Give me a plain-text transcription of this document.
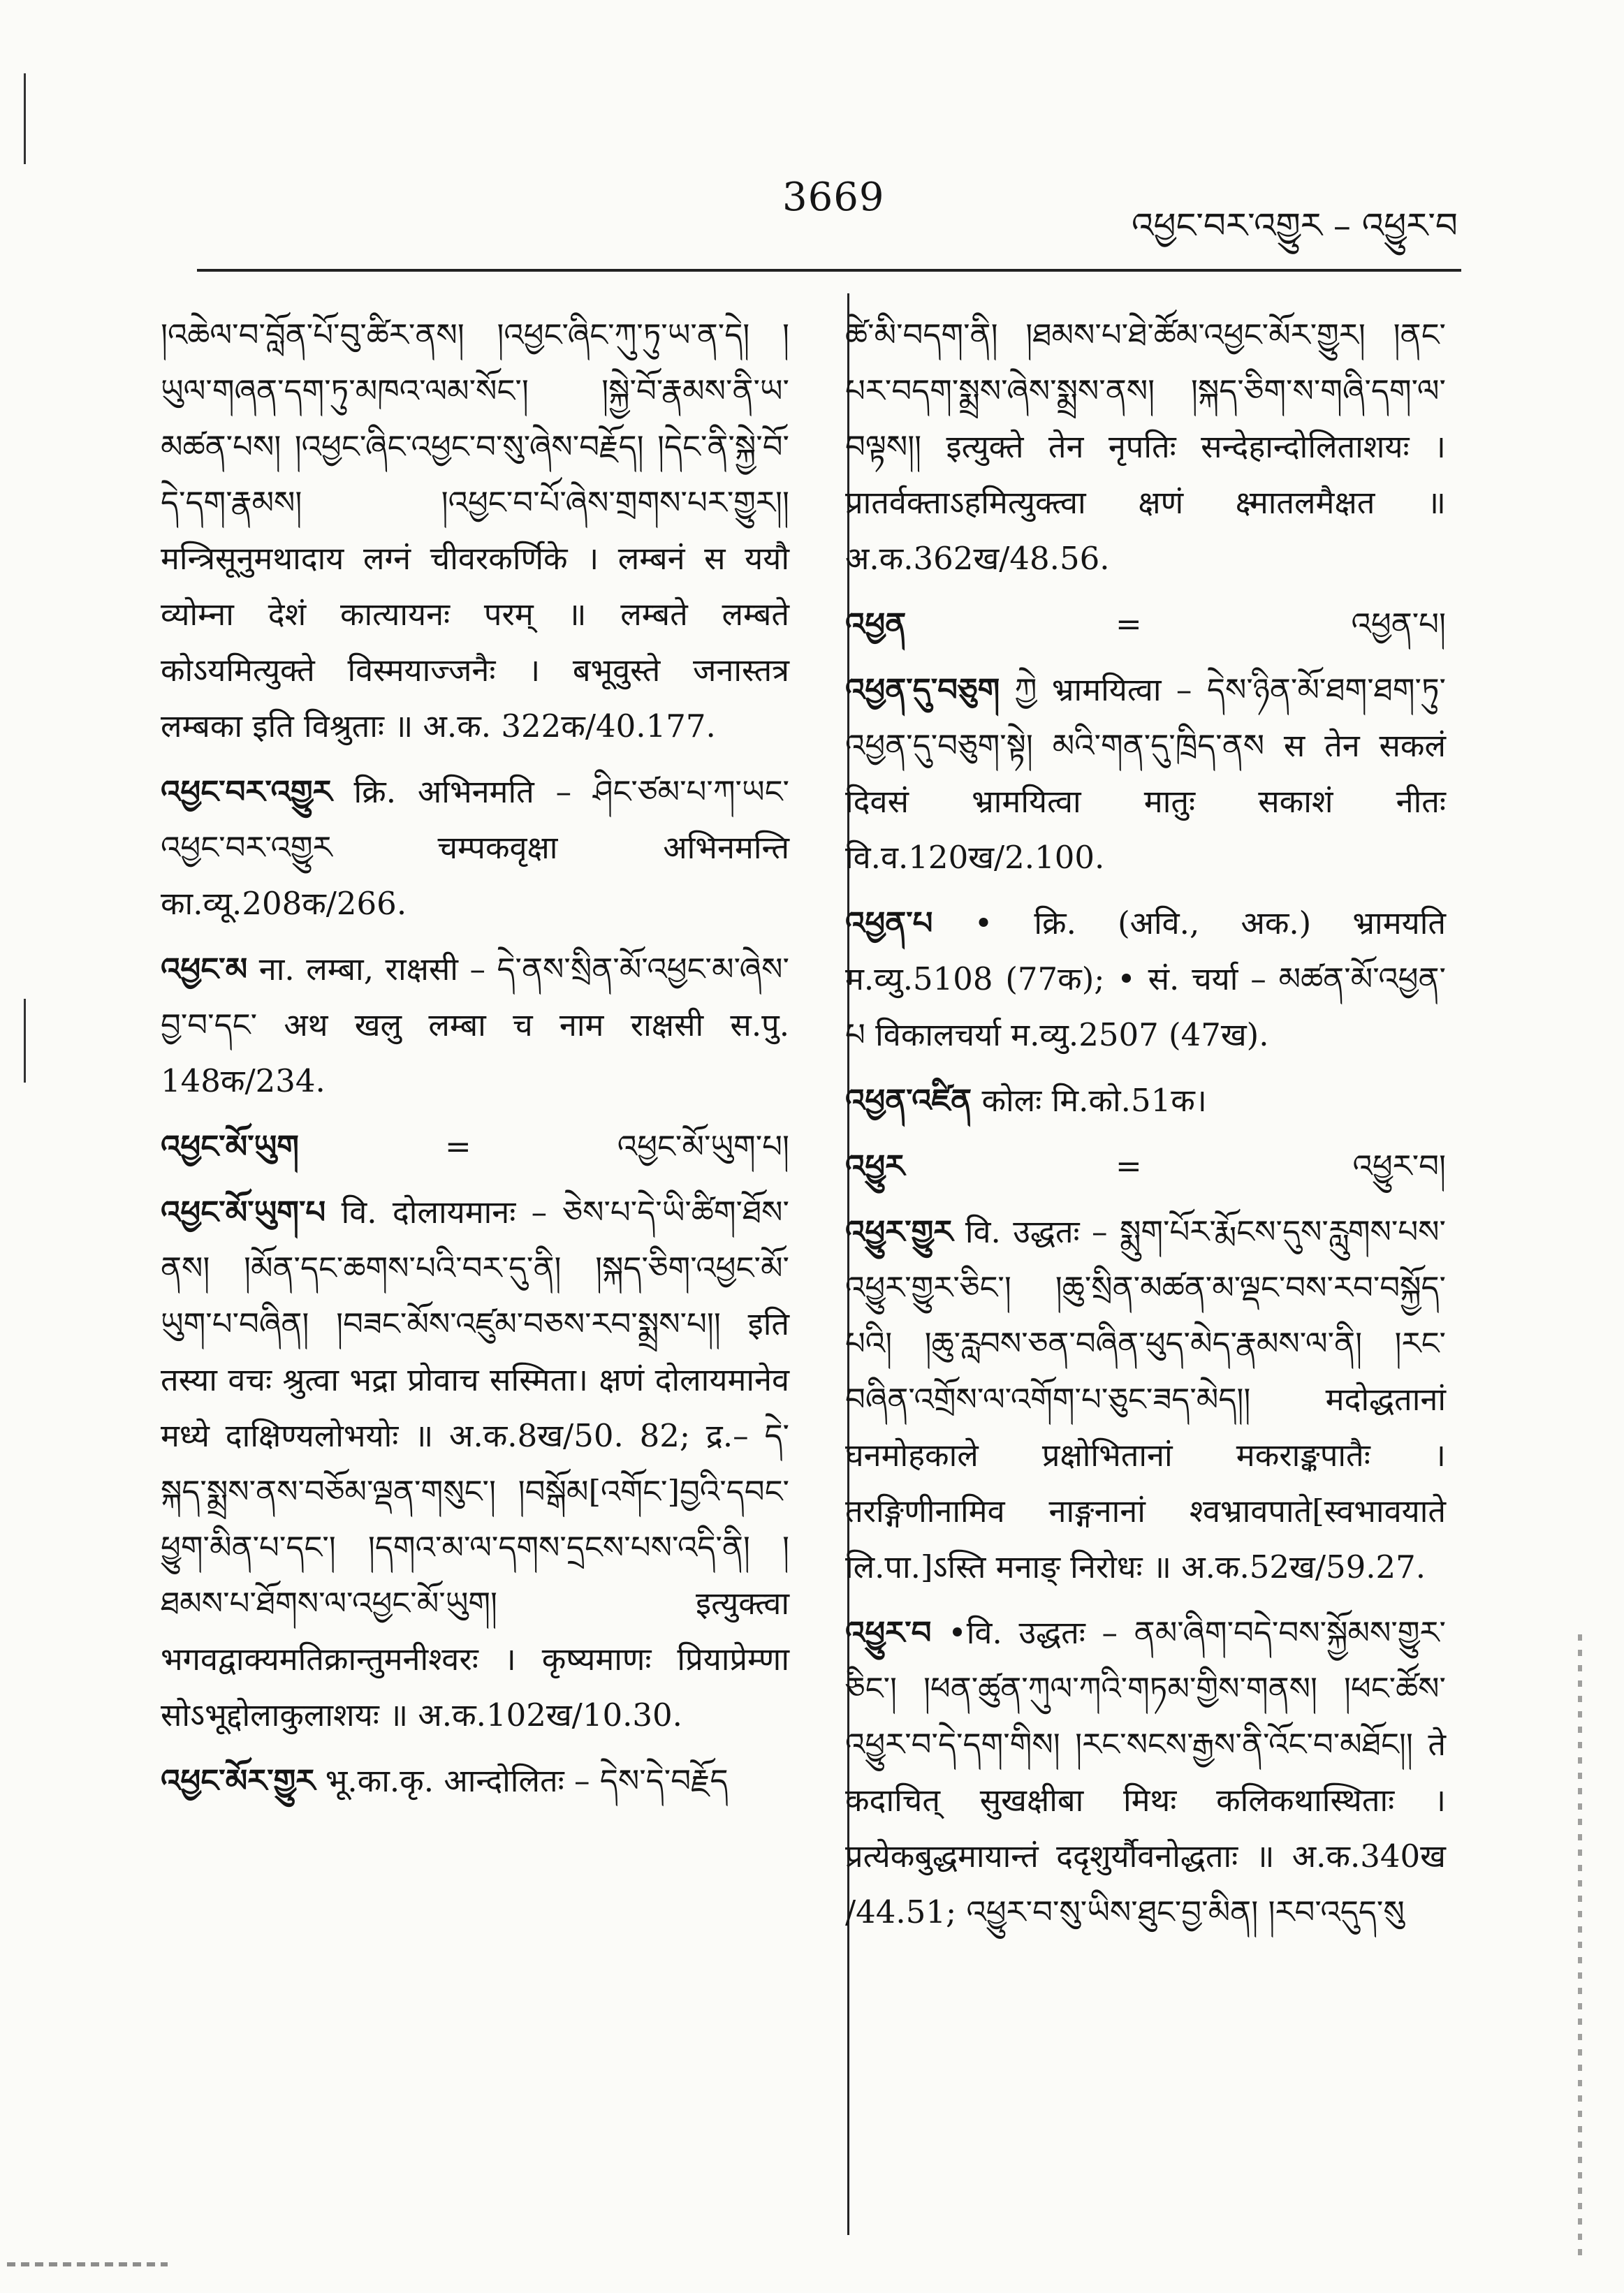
3669
འཕྱང་བར་འགྱུར – འཕྱུར་བ
།འཆེལ་བ་བློན་པོ་བུ་ཚིར་ནས། །འཕྱང་ཞིང་ཀུ་ཏུ་ཡ་ན་དེ། །ཡུལ་གཞན་དག་ཏུ་མཁའ་ལམ་སོང་། །སྐྱེ་བོ་རྣམས་ནི་ཡ་མཚན་པས། །འཕྱང་ཞིང་འཕྱང་བ་སུ་ཞེས་བརྗོད། །དེང་ནི་སྐྱེ་བོ་དེ་དག་རྣམས། །འཕྱང་བ་པོ་ཞེས་གྲགས་པར་གྱུར།། मन्त्रिसूनुमथादाय लग्नं चीवरकर्णिके । लम्बनं स ययौ व्योम्ना देशं कात्यायनः परम् ॥ लम्बते लम्बते कोऽयमित्युक्ते विस्मयाज्जनैः । बभूवुस्ते जनास्तत्र लम्बका इति विश्रुताः ॥ अ.क. 322क/40.177.
འཕྱང་བར་འགྱུར क्रि. अभिनमति – ཤིང་ཙམ་པ་ཀ་ཡང་འཕྱང་བར་འགྱུར चम्पकवृक्षा अभिनमन्ति का.व्यू.208क/266.
འཕྱང་མ ना. लम्बा, राक्षसी – དེ་ནས་སྲིན་མོ་འཕྱང་མ་ཞེས་བྱ་བ་དང་ अथ खलु लम्बा च नाम राक्षसी स.पु. 148क/234.
འཕྱང་མོ་ཡུག	=	འཕྱང་མོ་ཡུག་པ།
འཕྱང་མོ་ཡུག་པ वि. दोलायमानः – ཅེས་པ་དེ་ཡི་ཚིག་ཐོས་ནས། །མོན་དང་ཆགས་པའི་བར་དུ་ནི། །སྐད་ཅིག་འཕྱང་མོ་ཡུག་པ་བཞིན། །བཟང་མོས་འཛུམ་བཅས་རབ་སྨྲས་པ།། इति तस्या वचः श्रुत्वा भद्रा प्रोवाच सस्मिता। क्षणं दोलायमानेव मध्ये दाक्षिण्यलोभयोः ॥ अ.क.8ख/50. 82; द्र.– དེ་སྐད་སྨྲས་ནས་བཅོམ་ལྡན་གསུང་། །བསྒོམ[འགོང་]བྱའི་དབང་ཕྱུག་མིན་པ་དང་། །དགའ་མ་ལ་དགས་དྲངས་པས་འདི་ནི། །ཐམས་པ་ཐོགས་ལ་འཕྱང་མོ་ཡུག། इत्युक्त्वा भगवद्वाक्यमतिक्रान्तुमनीश्वरः । कृष्यमाणः प्रियाप्रेम्णा सोऽभूद्दोलाकुलाशयः ॥ अ.क.102ख/10.30.
འཕྱང་མོར་གྱུར भू.का.कृ. आन्दोलितः – དེས་དེ་བརྗོད
ཚེ་མི་བདག་ནི། །ཐམས་པ་ཐེ་ཚོམ་འཕྱང་མོར་གྱུར། །ནང་པར་བདག་སྨྲས་ཞེས་སྨྲས་ནས། །སྐད་ཅིག་ས་གཞི་དག་ལ་བལྟས།། इत्युक्ते तेन नृपतिः सन्देहान्दोलिताशयः । प्रातर्वक्ताऽहमित्युक्त्वा क्षणं क्ष्मातलमैक्षत ॥ अ.क.362ख/48.56.
འཕྱན	=	འཕྱན་པ།
འཕྱན་དུ་བཅུག ཀྱེ भ्रामयित्वा – དེས་ཉིན་མོ་ཐག་ཐག་ཏུ་འཕྱན་དུ་བཅུག་སྟེ། མའི་གན་དུ་ཁྲིད་ནས स तेन सकलं दिवसं भ्रामयित्वा मातुः सकाशं नीतः वि.व.120ख/2.100.
འཕྱན་པ • क्रि. (अवि., अक.) भ्रामयति म.व्यु.5108 (77क); • सं. चर्या – མཚན་མོ་འཕྱན་པ विकालचर्या म.व्यु.2507 (47ख).
འཕྱན་འཛིན कोलः मि.को.51क।
འཕྱུར	=	འཕྱུར་བ།
འཕྱུར་གྱུར वि. उद्धतः – སྨུག་པོར་རྨོངས་དུས་རླུགས་པས་འཕྱུར་གྱུར་ཅིང་། །ཆུ་སྲིན་མཚན་མ་ལྡང་བས་རབ་བསྐྱོད་པའི། །ཆུ་རླབས་ཅན་བཞིན་ཕུད་མེད་རྣམས་ལ་ནི། །རང་བཞིན་འགྲོས་ལ་འགོག་པ་ཅུང་ཟད་མེད།། मदोद्धतानां घनमोहकाले प्रक्षोभितानां मकराङ्कपातैः । तरङ्गिणीनामिव नाङ्गनानां श्वभ्रावपाते[स्वभावयाते लि.पा.]ऽस्ति मनाङ् निरोधः ॥ अ.क.52ख/59.27.
འཕྱུར་བ •वि. उद्धतः – ནམ་ཞིག་བདེ་བས་སྐྱོམས་གྱུར་ཅིང་། །ཕན་ཚུན་ཀུལ་ཀའི་གཏམ་གྱིས་གནས། །ཕང་ཚོས་འཕྱུར་བ་དེ་དག་གིས། །རང་སངས་རྒྱས་ནི་འོང་བ་མཐོང།། ते कदाचित् सुखक्षीबा मिथः कलिकथास्थिताः । प्रत्येकबुद्धमायान्तं ददृशुर्यौवनोद्धताः ॥ अ.क.340ख /44.51; འཕྱུར་བ་སུ་ཡིས་ཐུང་བྱ་མིན། །རབ་འདུད་སུ
